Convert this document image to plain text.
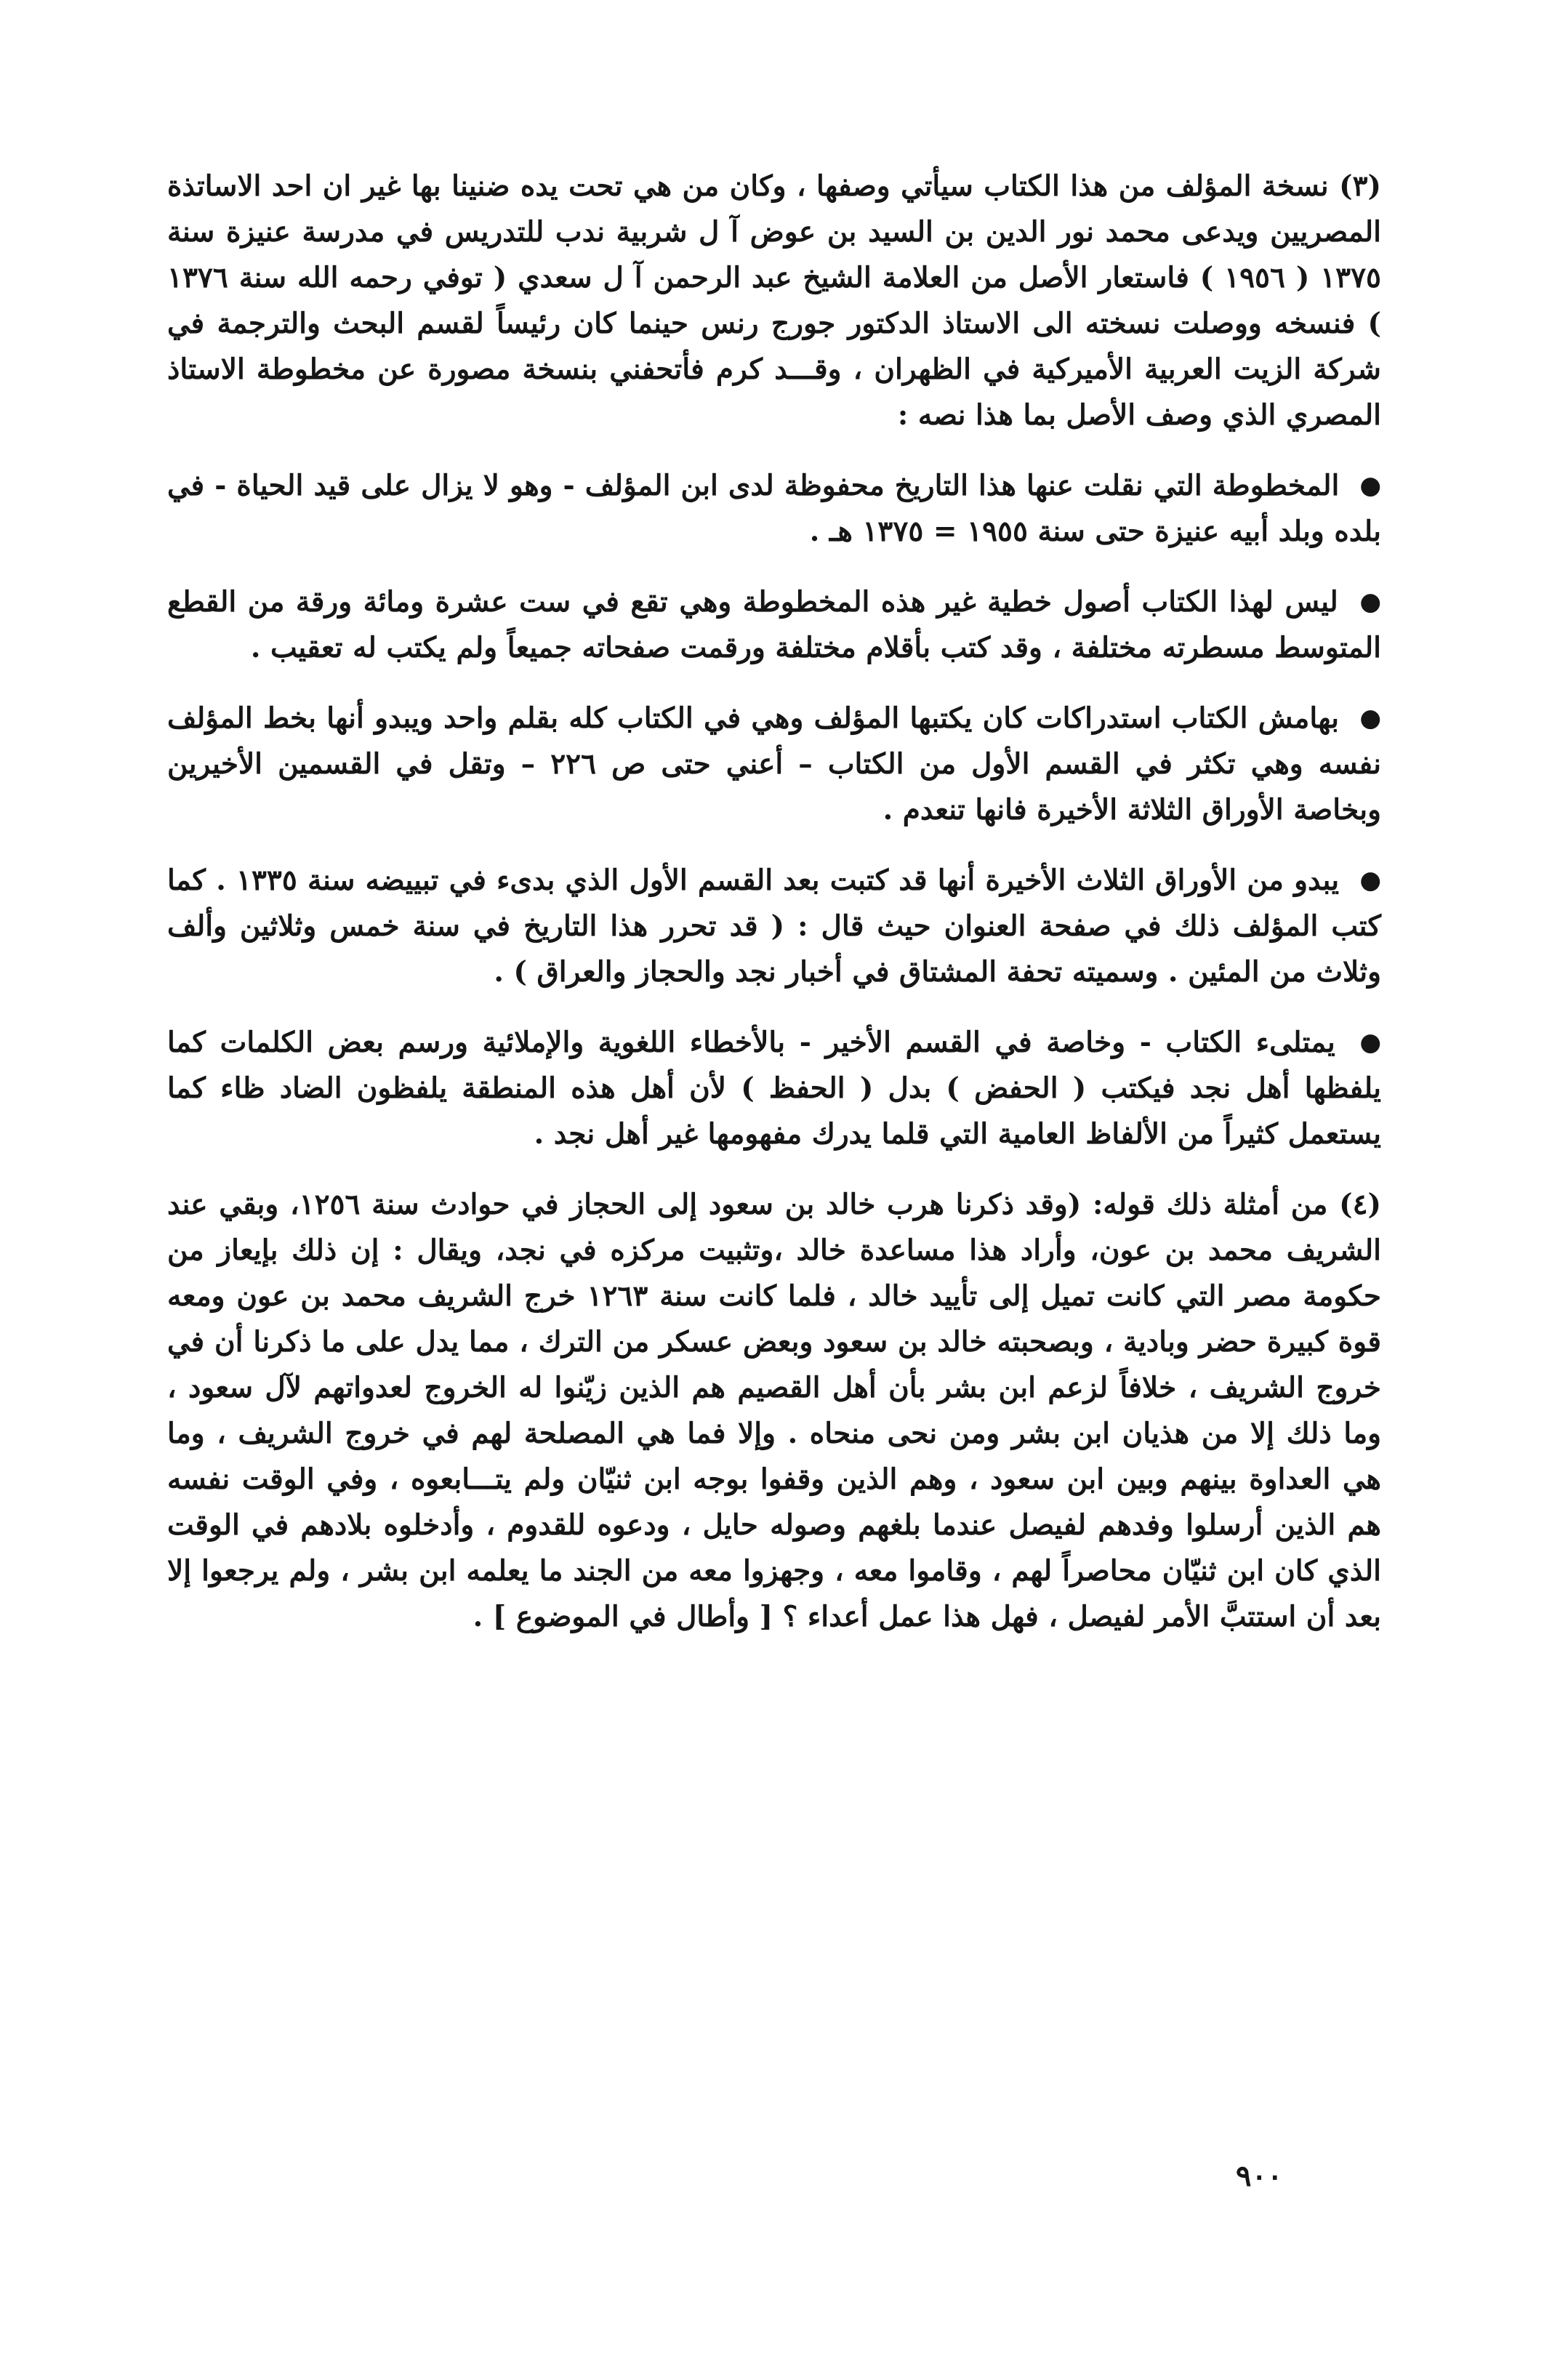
(٣) نسخة المؤلف من هذا الكتاب سيأتي وصفها ، وكان من هي تحت يده ضنينا بها غير ان احد الاساتذة المصريين ويدعى محمد نور الدين بن السيد بن عوض آ ل شربية ندب للتدريس في مدرسة عنيزة سنة ١٣٧٥ ( ١٩٥٦ ) فاستعار الأصل من العلامة الشيخ عبد الرحمن آ ل سعدي ( توفي رحمه الله سنة ١٣٧٦ ) فنسخه ووصلت نسخته الى الاستاذ الدكتور جورج رنس حينما كان رئيساً لقسم البحث والترجمة في شركة الزيت العربية الأميركية في الظهران ، وقـــد كرم فأتحفني بنسخة مصورة عن مخطوطة الاستاذ المصري الذي وصف الأصل بما هذا نصه :

● المخطوطة التي نقلت عنها هذا التاريخ محفوظة لدى ابن المؤلف - وهو لا يزال على قيد الحياة - في بلده وبلد أبيه عنيزة حتى سنة ١٩٥٥ = ١٣٧٥ هـ .

● ليس لهذا الكتاب أصول خطية غير هذه المخطوطة وهي تقع في ست عشرة ومائة ورقة من القطع المتوسط مسطرته مختلفة ، وقد كتب بأقلام مختلفة ورقمت صفحاته جميعاً ولم يكتب له تعقيب .

● بهامش الكتاب استدراكات كان يكتبها المؤلف وهي في الكتاب كله بقلم واحد ويبدو أنها بخط المؤلف نفسه وهي تكثر في القسم الأول من الكتاب – أعني حتى ص ٢٢٦ – وتقل في القسمين الأخيرين وبخاصة الأوراق الثلاثة الأخيرة فانها تنعدم .

● يبدو من الأوراق الثلاث الأخيرة أنها قد كتبت بعد القسم الأول الذي بدىء في تبييضه سنة ١٣٣٥ . كما كتب المؤلف ذلك في صفحة العنوان حيث قال : ( قد تحرر هذا التاريخ في سنة خمس وثلاثين وألف وثلاث من المئين . وسميته تحفة المشتاق في أخبار نجد والحجاز والعراق ) .

● يمتلىء الكتاب - وخاصة في القسم الأخير - بالأخطاء اللغوية والإملائية ورسم بعض الكلمات كما يلفظها أهل نجد فيكتب ( الحفض ) بدل ( الحفظ ) لأن أهل هذه المنطقة يلفظون الضاد ظاء كما يستعمل كثيراً من الألفاظ العامية التي قلما يدرك مفهومها غير أهل نجد .

(٤) من أمثلة ذلك قوله: (وقد ذكرنا هرب خالد بن سعود إلى الحجاز في حوادث سنة ١٢٥٦، وبقي عند الشريف محمد بن عون، وأراد هذا مساعدة خالد ،وتثبيت مركزه في نجد، ويقال : إن ذلك بإيعاز من حكومة مصر التي كانت تميل إلى تأييد خالد ، فلما كانت سنة ١٢٦٣ خرج الشريف محمد بن عون ومعه قوة كبيرة حضر وبادية ، وبصحبته خالد بن سعود وبعض عسكر من الترك ، مما يدل على ما ذكرنا أن في خروج الشريف ، خلافاً لزعم ابن بشر بأن أهل القصيم هم الذين زيّنوا له الخروج لعدواتهم لآل سعود ، وما ذلك إلا من هذيان ابن بشر ومن نحى منحاه . وإلا فما هي المصلحة لهم في خروج الشريف ، وما هي العداوة بينهم وبين ابن سعود ، وهم الذين وقفوا بوجه ابن ثنيّان ولم يتـــابعوه ، وفي الوقت نفسه هم الذين أرسلوا وفدهم لفيصل عندما بلغهم وصوله حايل ، ودعوه للقدوم ، وأدخلوه بلادهم في الوقت الذي كان ابن ثنيّان محاصراً لهم ، وقاموا معه ، وجهزوا معه من الجند ما يعلمه ابن بشر ، ولم يرجعوا إلا بعد أن استتبَّ الأمر لفيصل ، فهل هذا عمل أعداء ؟ [ وأطال في الموضوع ] .

٩٠٠
